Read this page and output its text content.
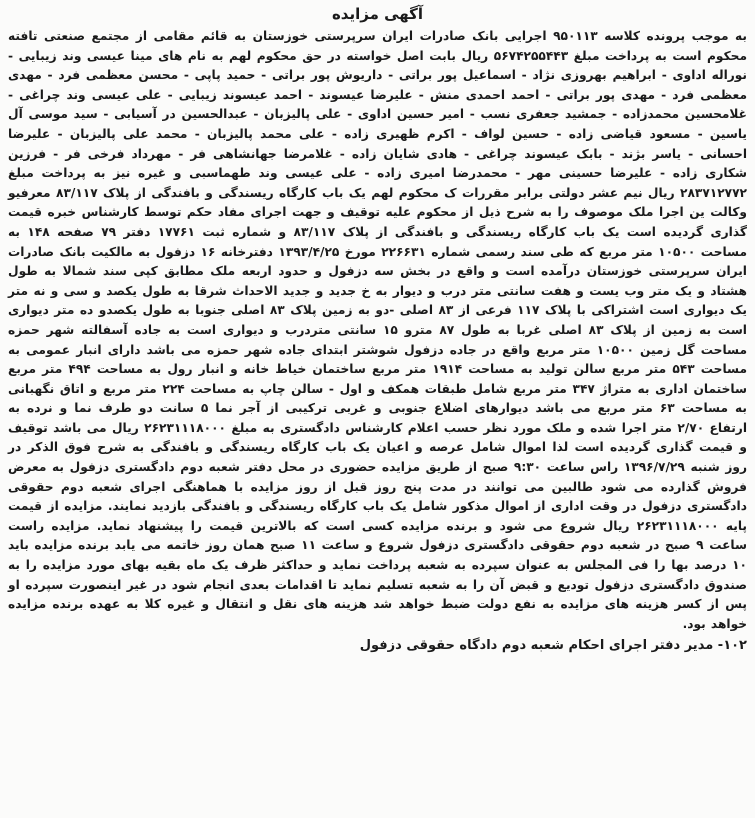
آگهی مزایده

به موجب پرونده کلاسه ۹۵۰۱۱۳ اجرایی بانک صادرات ایران سرپرستی خوزستان به قائم مقامی از مجتمع صنعتی تافته محکوم است به پرداخت مبلغ ۵۶۷۴۲۵۵۴۴۳ ریال بابت اصل خواسته در حق محکوم لهم به نام های مینا عیسی وند زیبایی - نوراله اداوی - ابراهیم بهروزی نژاد - اسماعیل پور براتی - داریوش پور براتی - حمید پاپی - محسن معظمی فرد - مهدی معظمی فرد - مهدی پور براتی - احمد احمدی منش - علیرضا عیسوند - احمد عیسوند زیبایی - علی عیسی وند چراغی - غلامحسین محمدزاده - جمشید جعفری نسب - امیر حسین اداوی - علی پالیزبان - عبدالحسین در آسیابی - سید موسی آل یاسین - مسعود قیاضی زاده - حسین لواف - اکرم ظهیری زاده - علی محمد پالیزبان - محمد علی پالیزبان - علیرضا احسانی - یاسر بژند - بابک عیسوند چراغی - هادی شایان زاده - غلامرضا جهانشاهی فر - مهرداد فرخی فر - فرزین شکاری زاده - علیرضا حسینی مهر - محمدرضا امیری زاده - علی عیسی وند طهماسبی و غیره نیز به پرداخت مبلغ ۲۸۳۷۱۲۷۷۲ ریال نیم عشر دولتی برابر مقررات ک محکوم لهم یک باب کارگاه ریسندگی و بافندگی از پلاک ۸۳/۱۱۷ معرفیو وکالت ین اجرا ملک موصوف را به شرح ذیل از محکوم علیه توقیف و جهت اجرای مفاد حکم توسط کارشناس خبره قیمت گذاری گردیده است یک باب کارگاه ریسندگی و بافندگی از پلاک ۸۳/۱۱۷ و شماره ثبت ۱۷۷۶۱ دفتر ۷۹ صفحه ۱۴۸ به مساحت ۱۰۵۰۰ متر مربع که طی سند رسمی شماره ۲۲۶۶۳۱ مورخ ۱۳۹۳/۴/۲۵ دفترخانه ۱۶ دزفول به مالکیت بانک صادرات ایران سرپرستی خوزستان درآمده است و واقع در بخش سه دزفول و حدود اربعه ملک مطابق کپی سند شمالا به طول هشتاد و یک متر وب یست و هفت سانتی متر درب و دیوار به خ جدید و جدید الاحداث شرقا به طول یکصد و سی و نه متر یک دیواری است اشتراکی با پلاک ۱۱۷ فرعی از ۸۳ اصلی -دو به زمین پلاک ۸۳ اصلی جنوبا به طول یکصدو ده متر دیواری است به زمین از پلاک ۸۳ اصلی غربا به طول ۸۷ مترو ۱۵ سانتی متردرب و دیواری است به جاده آسفالته شهر حمزه مساحت گل زمین ۱۰۵۰۰ متر مربع واقع در جاده دزفول شوشتر ابتدای جاده شهر حمزه می باشد دارای انبار عمومی به مساحت ۵۴۳ متر مربع سالن تولید به مساحت ۱۹۱۴ متر مربع ساختمان خیاط خانه و انبار رول به مساحت ۴۹۴ متر مربع ساختمان اداری به متراژ ۳۴۷ متر مربع شامل طبقات همکف و اول - سالن چاپ به مساحت ۲۲۴ متر مربع و اتاق نگهبانی به مساحت ۶۳ متر مربع می باشد دیوارهای اضلاع جنوبی و غربی ترکیبی از آجر نما ۵ سانت دو طرف نما و نرده به ارتفاع ۲/۷۰ متر اجرا شده و ملک مورد نظر حسب اعلام کارشناس دادگستری به مبلغ ۲۶۲۳۱۱۱۸۰۰۰ ریال می باشد توقیف و قیمت گذاری گردیده است لذا اموال شامل عرصه و اعیان یک باب کارگاه ریسندگی و بافندگی به شرح فوق الذکر در روز شنبه ۱۳۹۶/۷/۲۹ راس ساعت ۹:۳۰ صبح از طریق مزایده حضوری در محل دفتر شعبه دوم دادگستری دزفول به معرض فروش گذارده می شود طالبین می توانند در مدت پنج روز قبل از روز مزایده با هماهنگی اجرای شعبه دوم حقوقی دادگستری دزفول در وقت اداری از اموال مذکور شامل یک باب کارگاه ریسندگی و بافندگی بازدید نمایند. مزایده از قیمت پایه ۲۶۲۳۱۱۱۸۰۰۰ ریال شروع می شود و برنده مزایده کسی است که بالاترین قیمت را پیشنهاد نماید. مزایده راست ساعت ۹ صبح در شعبه دوم حقوقی دادگستری دزفول شروع و ساعت ۱۱ صبح همان روز خاتمه می یابد برنده مزایده باید ۱۰ درصد بها را فی المجلس به عنوان سپرده به شعبه پرداخت نماید و حداکثر ظرف یک ماه بقیه بهای مورد مزایده را به صندوق دادگستری دزفول تودیع و قبض آن را به شعبه تسلیم نماید تا اقدامات بعدی انجام شود در غیر اینصورت سپرده او پس از کسر هزینه های مزایده به نفع دولت ضبط خواهد شد هزینه های نقل و انتقال و غیره کلا به عهده برنده مزایده خواهد بود.

۱۰۲- مدیر دفتر اجرای احکام شعبه دوم دادگاه حقوقی دزفول
